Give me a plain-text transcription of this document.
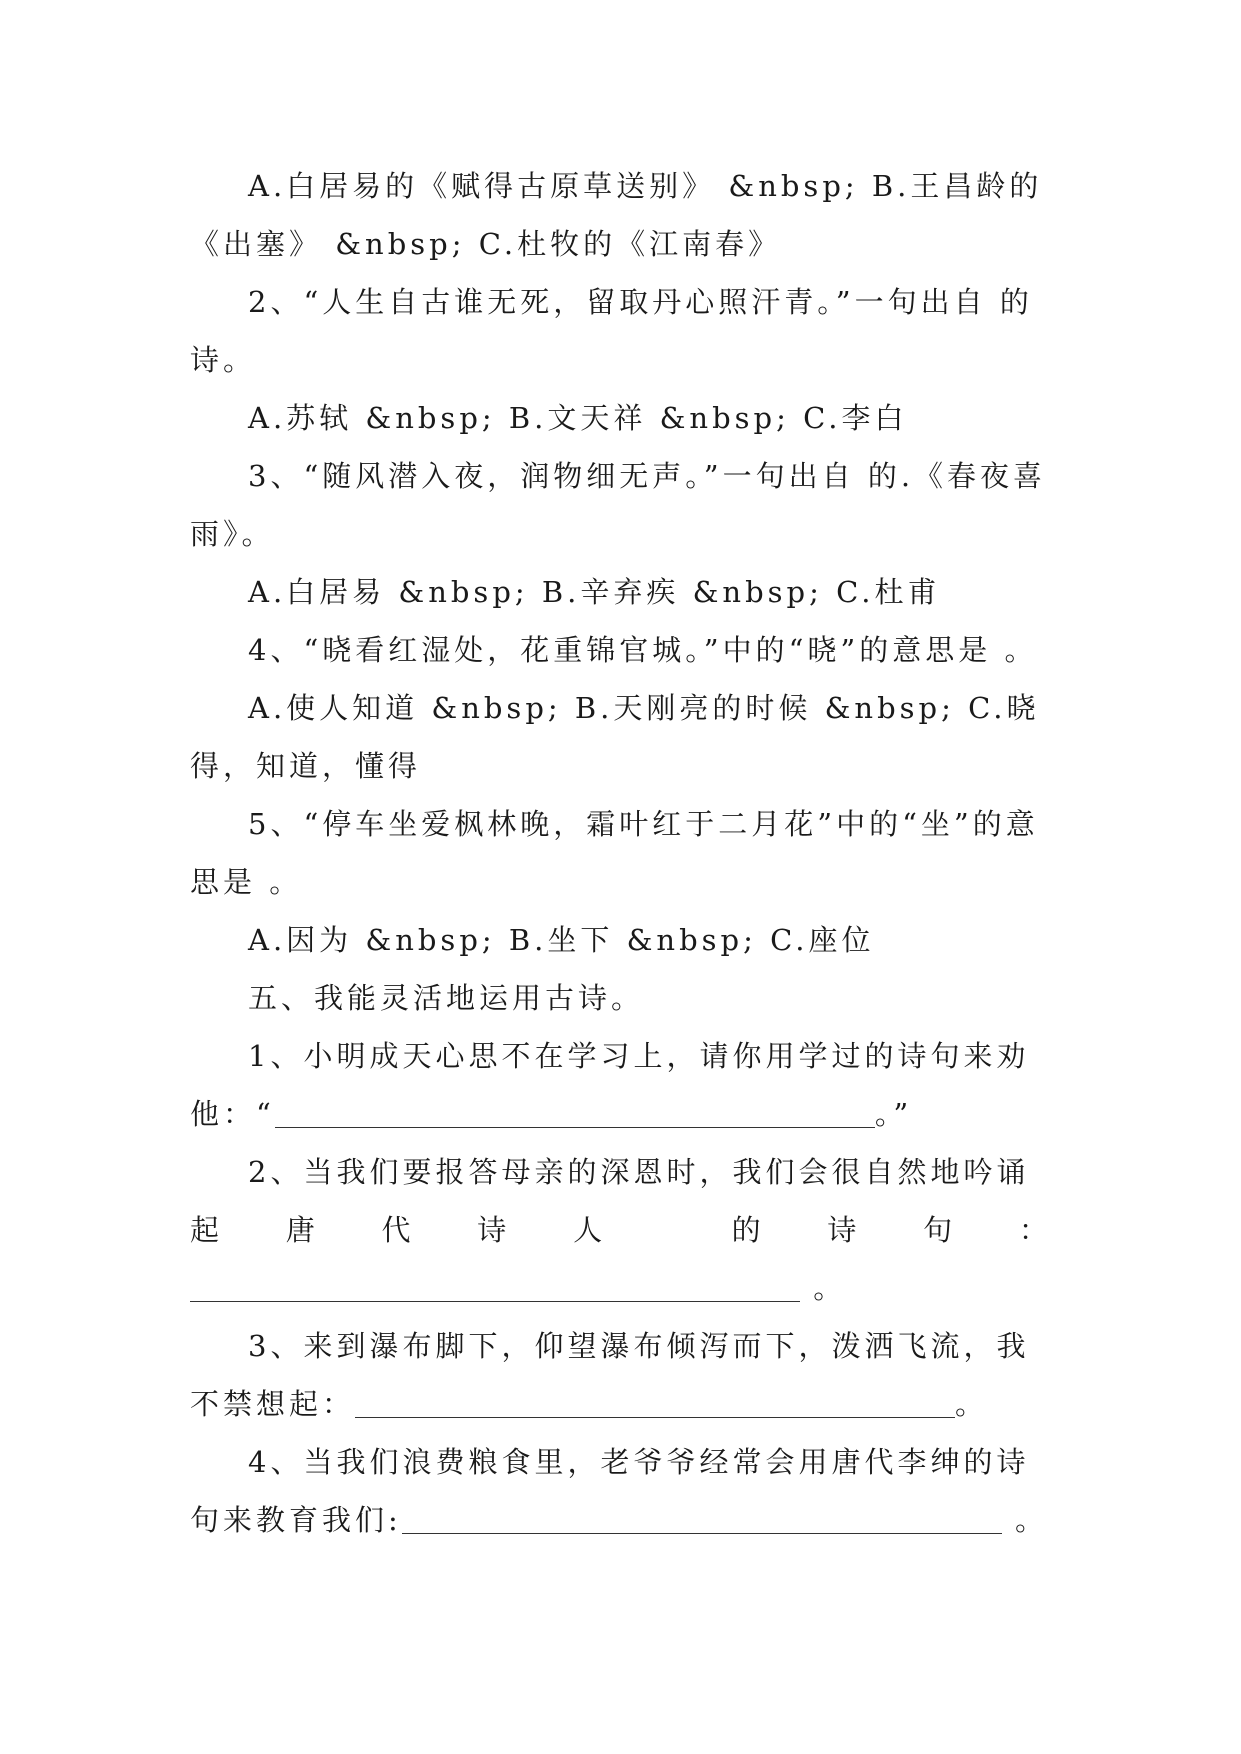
A.白居易的《赋得古原草送别》 &nbsp; B.王昌龄的

《出塞》 &nbsp; C.杜牧的《江南春》

2、“人生自古谁无死，留取丹心照汗青。”一句出自 的诗。

A.苏轼 &nbsp; B.文天祥 &nbsp; C.李白

3、“随风潜入夜，润物细无声。”一句出自 的.《春夜喜雨》。

A.白居易 &nbsp; B.辛弃疾 &nbsp; C.杜甫

4、“晓看红湿处，花重锦官城。”中的“晓”的意思是 。

A.使人知道 &nbsp; B.天刚亮的时候 &nbsp; C.晓得，知道，懂得

5、“停车坐爱枫林晚，霜叶红于二月花”中的“坐”的意思是 。

A.因为 &nbsp; B.坐下 &nbsp; C.座位

五、我能灵活地运用古诗。

1、小明成天心思不在学习上，请你用学过的诗句来劝他：“	。”

2、当我们要报答母亲的深恩时，我们会很自然地吟诵

起 唐 代 诗 人	的 诗 句 ：

。

3、来到瀑布脚下，仰望瀑布倾泻而下，泼洒飞流，我不禁想起：	。

4、当我们浪费粮食里，老爷爷经常会用唐代李绅的诗句来教育我们:	。
